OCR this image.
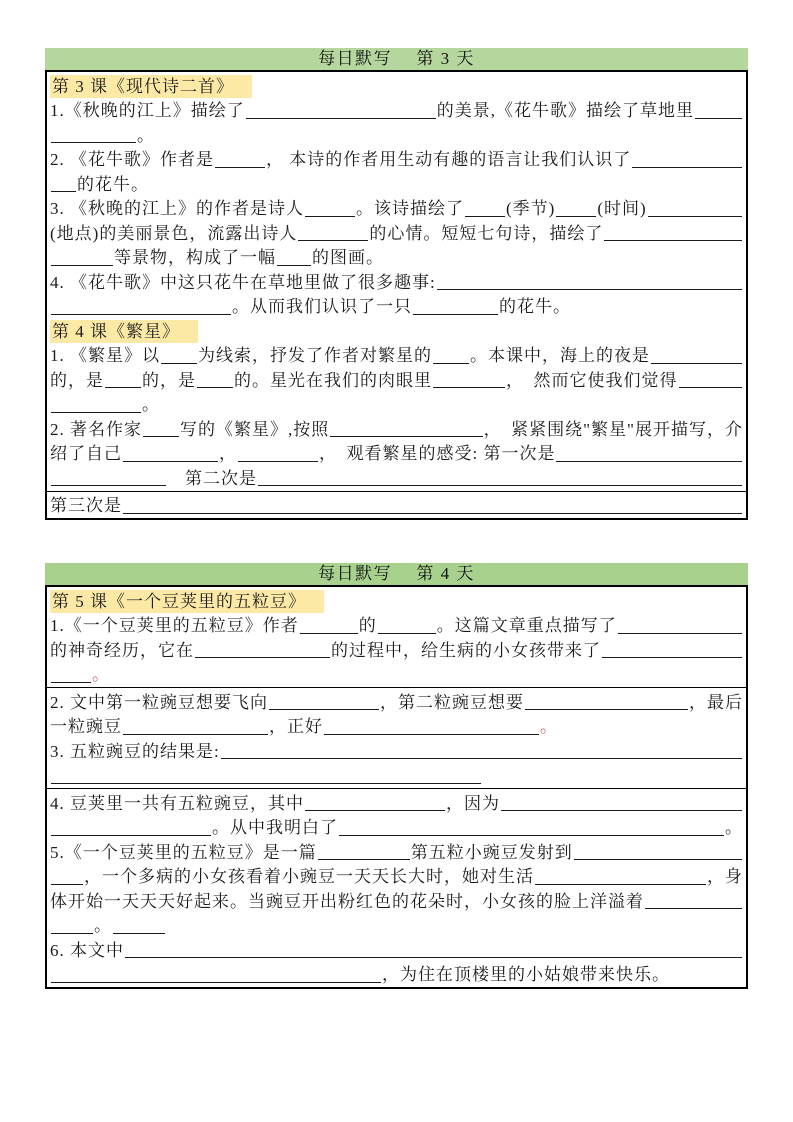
每日默写　 第 3 天
第 3 课《现代诗二首》
1.《秋晚的江上》描绘了	的美景,《花牛歌》描绘了草地里
。
2. 《花牛歌》作者是	， 本诗的作者用生动有趣的语言让我们认识了
的花牛。
3. 《秋晚的江上》的作者是诗人	。该诗描绘了 (季节) (时间)
(地点)的美丽景色，流露出诗人	的心情。短短七句诗，描绘了
等景物，构成了一幅 的图画。
4. 《花牛歌》中这只花牛在草地里做了很多趣事:
。从而我们认识了一只	的花牛。
第 4 课《繁星》
1. 《繁星》以 为线索，抒发了作者对繁星的 。本课中，海上的夜是
的，是 的，是 的。星光在我们的肉眼里	，　然而它使我们觉得
。
2. 著名作家 写的《繁星》,按照	，　紧紧围绕"繁星"展开描写，介
绍了自己	，	，　观看繁星的感受: 第一次是
　第二次是
第三次是
每日默写　 第 4 天
第 5 课《一个豆荚里的五粒豆》
1.《一个豆荚里的五粒豆》作者	的	。这篇文章重点描写了
的神奇经历，它在	的过程中，给生病的小女孩带来了
。
2. 文中第一粒豌豆想要飞向	，第二粒豌豆想要	，最后
一粒豌豆	，正好	。
3. 五粒豌豆的结果是:
4. 豆荚里一共有五粒豌豆，其中	，因为
。从中我明白了	。
5.《一个豆荚里的五粒豆》是一篇	第五粒小豌豆发射到
，一个多病的小女孩看着小豌豆一天天长大时，她对生活	，身
体开始一天天天好起来。当豌豆开出粉红色的花朵时，小女孩的脸上洋溢着
。
6. 本文中
，为住在顶楼里的小姑娘带来快乐。
